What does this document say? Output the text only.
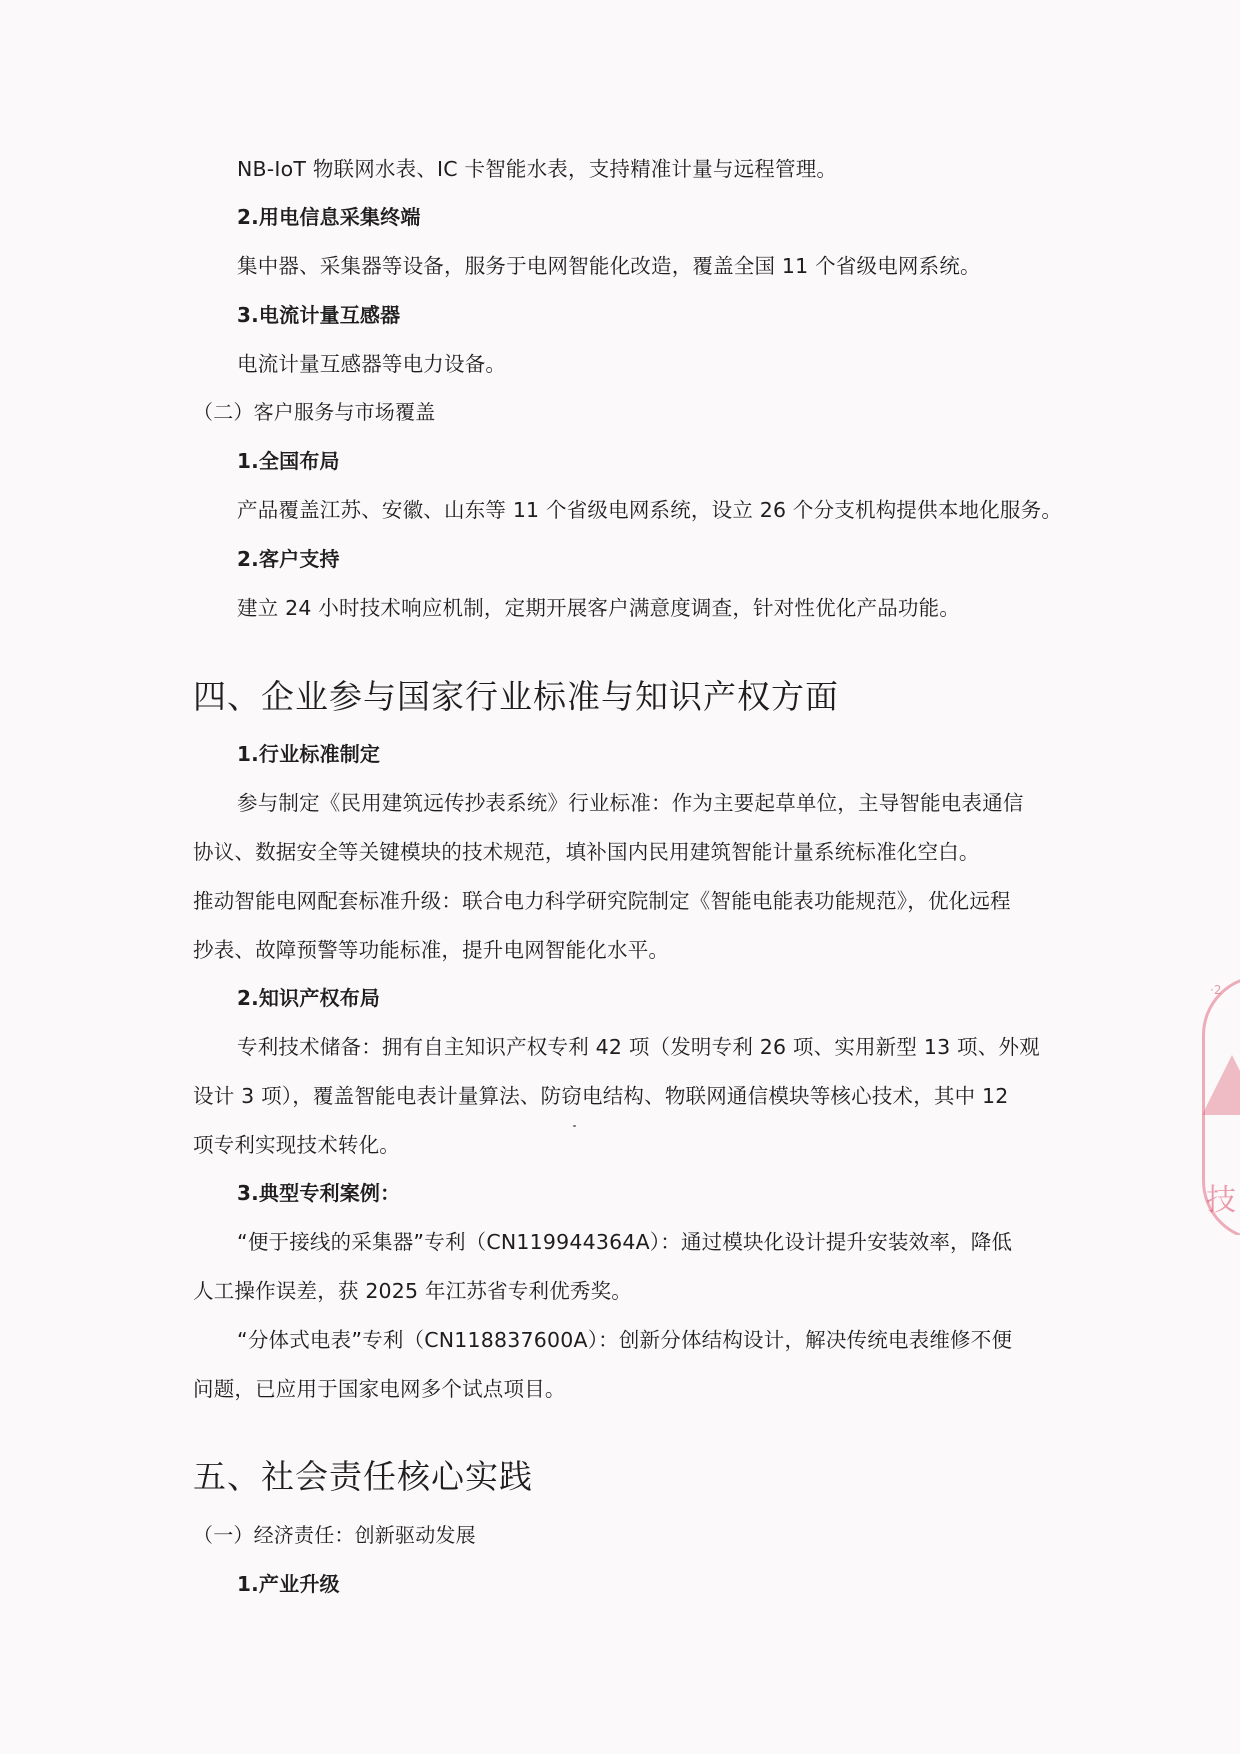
NB-IoT 物联网水表、IC 卡智能水表，支持精准计量与远程管理。
2.用电信息采集终端
集中器、采集器等设备，服务于电网智能化改造，覆盖全国 11 个省级电网系统。
3.电流计量互感器
电流计量互感器等电力设备。
（二）客户服务与市场覆盖
1.全国布局
产品覆盖江苏、安徽、山东等 11 个省级电网系统，设立 26 个分支机构提供本地化服务。
2.客户支持
建立 24 小时技术响应机制，定期开展客户满意度调查，针对性优化产品功能。
四、企业参与国家行业标准与知识产权方面
1.行业标准制定
参与制定《民用建筑远传抄表系统》行业标准：作为主要起草单位，主导智能电表通信
协议、数据安全等关键模块的技术规范，填补国内民用建筑智能计量系统标准化空白。
推动智能电网配套标准升级：联合电力科学研究院制定《智能电能表功能规范》，优化远程
抄表、故障预警等功能标准，提升电网智能化水平。
2.知识产权布局
专利技术储备：拥有自主知识产权专利 42 项（发明专利 26 项、实用新型 13 项、外观
设计 3 项），覆盖智能电表计量算法、防窃电结构、物联网通信模块等核心技术，其中 12
项专利实现技术转化。
3.典型专利案例：
“便于接线的采集器”专利（CN119944364A）：通过模块化设计提升安装效率，降低
人工操作误差，获 2025 年江苏省专利优秀奖。
“分体式电表”专利（CN118837600A）：创新分体结构设计，解决传统电表维修不便
问题，已应用于国家电网多个试点项目。
五、社会责任核心实践
（一）经济责任：创新驱动发展
1.产业升级
·2
技
